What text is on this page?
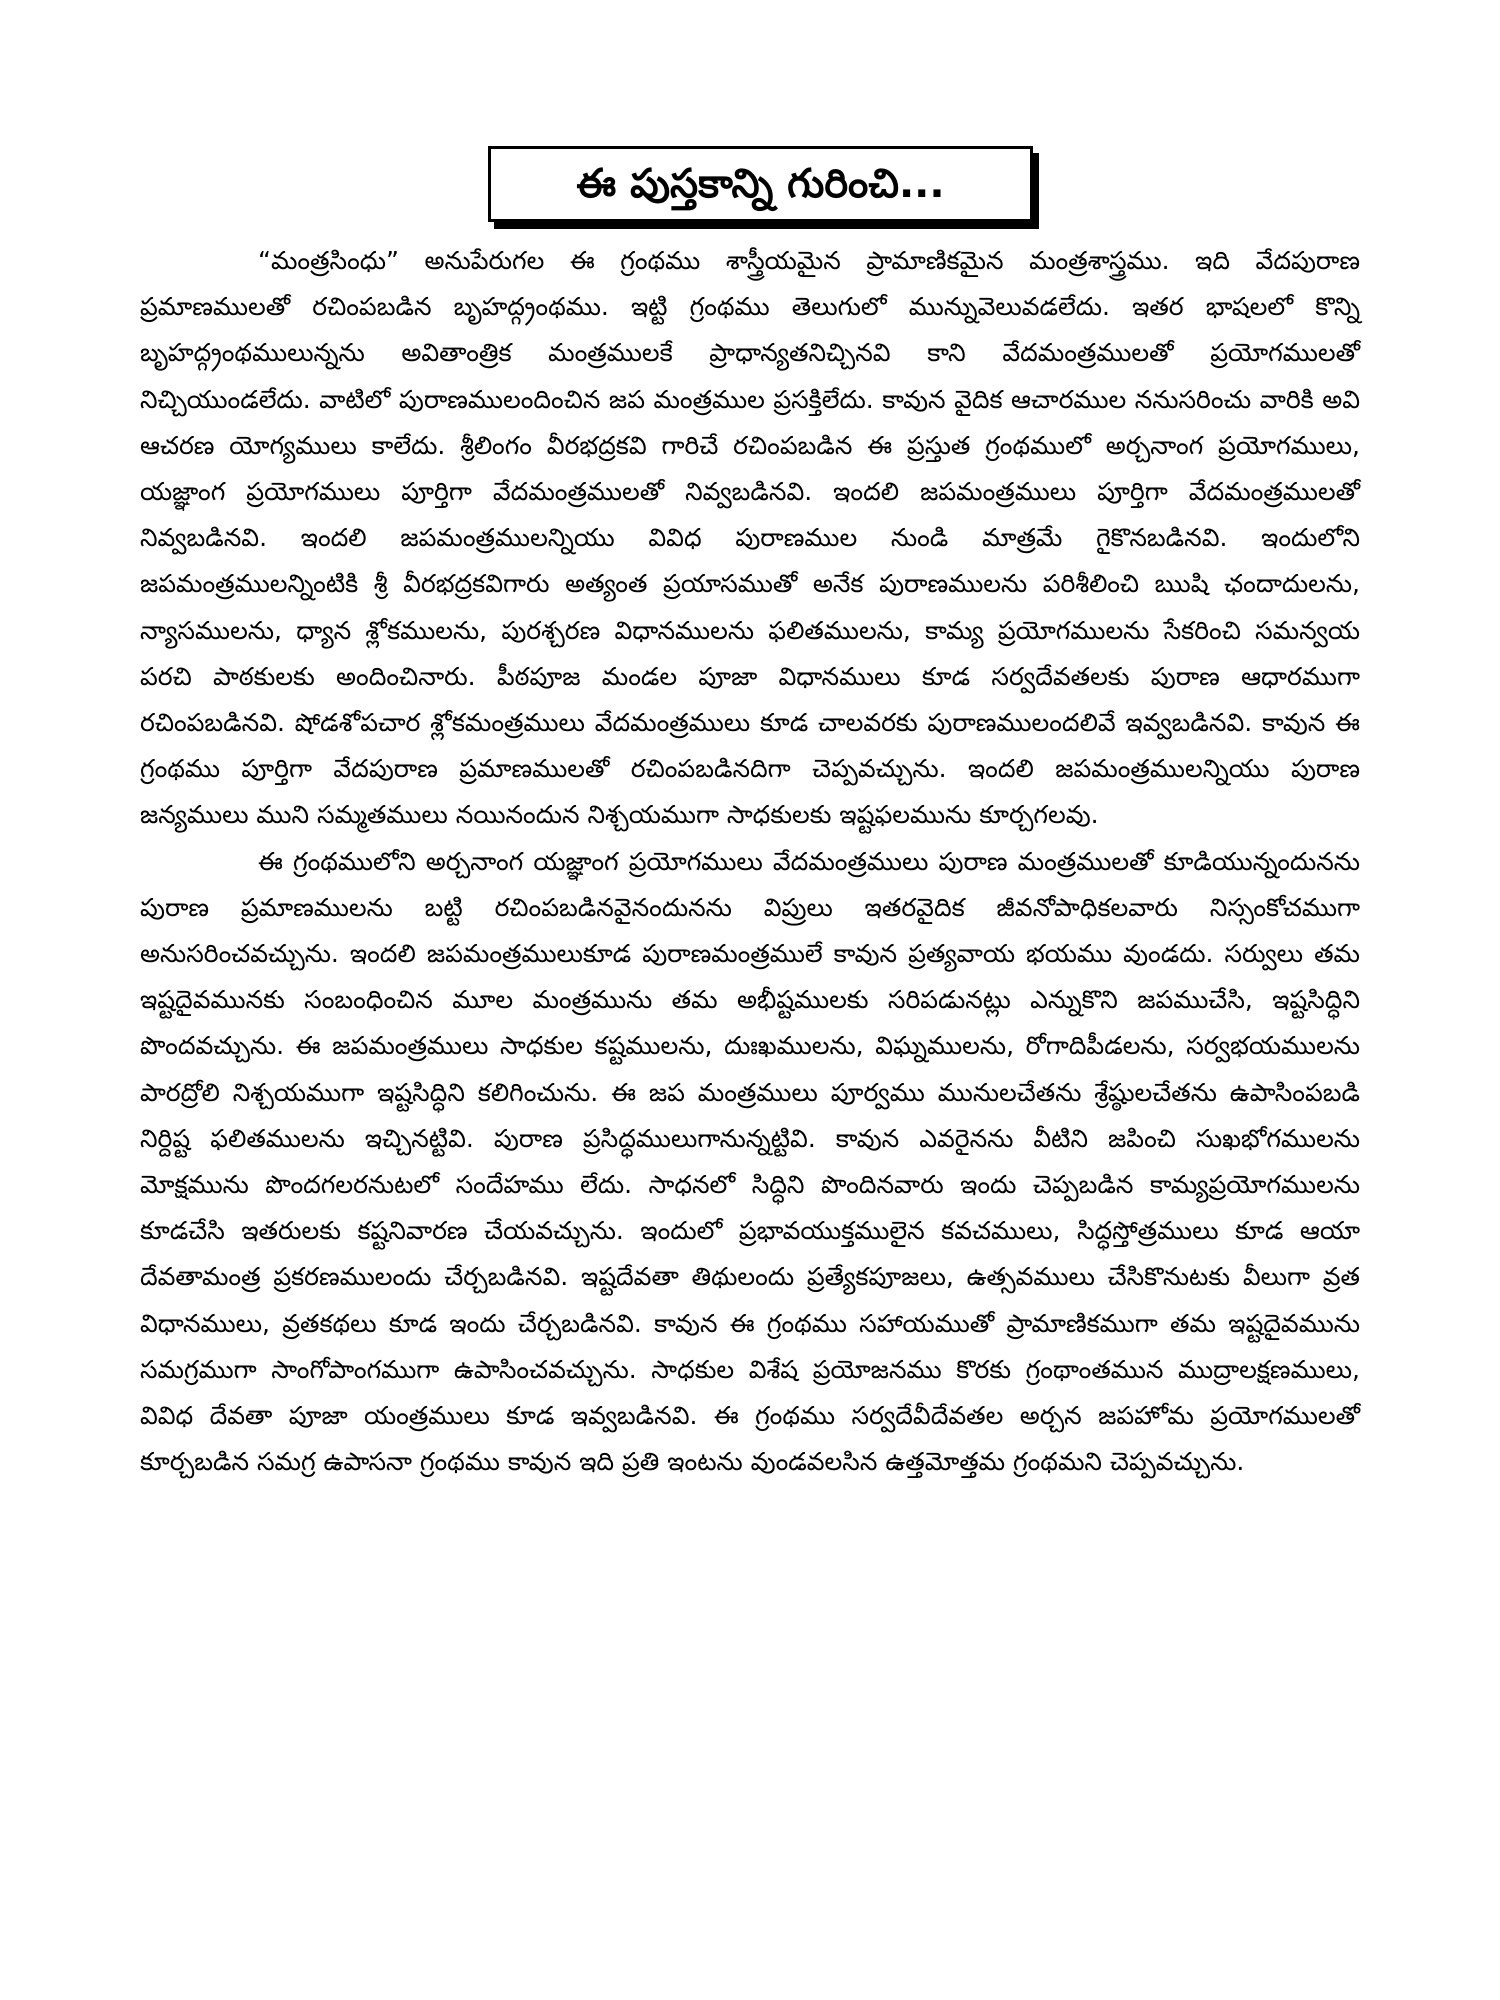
ఈ పుస్తకాన్ని గురించి...

“మంత్రసింధు” అనుపేరుగల ఈ గ్రంథము శాస్త్రీయమైన ప్రామాణికమైన మంత్రశాస్త్రము. ఇది వేదపురాణ ప్రమాణములతో రచింపబడిన బృహద్గ్రంథము. ఇట్టి గ్రంథము తెలుగులో మున్నువెలువడలేదు. ఇతర భాషలలో కొన్ని బృహద్గ్రంథములున్నను అవితాంత్రిక మంత్రములకే ప్రాధాన్యతనిచ్చినవి కాని వేదమంత్రములతో ప్రయోగములతో నిచ్చియుండలేదు. వాటిలో పురాణములందించిన జప మంత్రముల ప్రసక్తిలేదు. కావున వైదిక ఆచారముల ననుసరించు వారికి అవి ఆచరణ యోగ్యములు కాలేదు. శ్రీలింగం వీరభద్రకవి గారిచే రచింపబడిన ఈ ప్రస్తుత గ్రంథములో అర్చనాంగ ప్రయోగములు, యజ్ఞాంగ ప్రయోగములు పూర్తిగా వేదమంత్రములతో నివ్వబడినవి. ఇందలి జపమంత్రములు పూర్తిగా వేదమంత్రములతో నివ్వబడినవి. ఇందలి జపమంత్రములన్నియు వివిధ పురాణముల నుండి మాత్రమే గైకొనబడినవి. ఇందులోని జపమంత్రములన్నింటికి శ్రీ వీరభద్రకవిగారు అత్యంత ప్రయాసముతో అనేక పురాణములను పరిశీలించి ఋషి ఛందాదులను, న్యాసములను, ధ్యాన శ్లోకములను, పురశ్చరణ విధానములను ఫలితములను, కామ్య ప్రయోగములను సేకరించి సమన్వయ పరచి పాఠకులకు అందించినారు. పీఠపూజ మండల పూజా విధానములు కూడ సర్వదేవతలకు పురాణ ఆధారముగా రచింపబడినవి. షోడశోపచార శ్లోకమంత్రములు వేదమంత్రములు కూడ చాలవరకు పురాణములందలివే ఇవ్వబడినవి. కావున ఈ గ్రంథము పూర్తిగా వేదపురాణ ప్రమాణములతో రచింపబడినదిగా చెప్పవచ్చును. ఇందలి జపమంత్రములన్నియు పురాణ జన్యములు ముని సమ్మతములు నయినందున నిశ్చయముగా సాధకులకు ఇష్టఫలమును కూర్చగలవు.

ఈ గ్రంథములోని అర్చనాంగ యజ్ఞాంగ ప్రయోగములు వేదమంత్రములు పురాణ మంత్రములతో కూడియున్నందునను పురాణ ప్రమాణములను బట్టి రచింపబడినవైనందునను విప్రులు ఇతరవైదిక జీవనోపాధికలవారు నిస్సంకోచముగా అనుసరించవచ్చును. ఇందలి జపమంత్రములుకూడ పురాణమంత్రములే కావున ప్రత్యవాయ భయము వుండదు. సర్వులు తమ ఇష్టదైవమునకు సంబంధించిన మూల మంత్రమును తమ అభీష్టములకు సరిపడునట్లు ఎన్నుకొని జపముచేసి, ఇష్టసిద్ధిని పొందవచ్చును. ఈ జపమంత్రములు సాధకుల కష్టములను, దుఃఖములను, విఘ్నములను, రోగాదిపీడలను, సర్వభయములను పారద్రోలి నిశ్చయముగా ఇష్టసిద్ధిని కలిగించును. ఈ జప మంత్రములు పూర్వము మునులచేతను శ్రేష్ఠులచేతను ఉపాసింపబడి నిర్దిష్ట ఫలితములను ఇచ్చినట్టివి. పురాణ ప్రసిద్ధములుగానున్నట్టివి. కావున ఎవరైనను వీటిని జపించి సుఖభోగములను మోక్షమును పొందగలరనుటలో సందేహము లేదు. సాధనలో సిద్ధిని పొందినవారు ఇందు చెప్పబడిన కామ్యప్రయోగములను కూడచేసి ఇతరులకు కష్టనివారణ చేయవచ్చును. ఇందులో ప్రభావయుక్తములైన కవచములు, సిద్ధస్తోత్రములు కూడ ఆయా దేవతామంత్ర ప్రకరణములందు చేర్చబడినవి. ఇష్టదేవతా తిథులందు ప్రత్యేకపూజలు, ఉత్సవములు చేసికొనుటకు వీలుగా వ్రత విధానములు, వ్రతకథలు కూడ ఇందు చేర్చబడినవి. కావున ఈ గ్రంథము సహాయముతో ప్రామాణికముగా తమ ఇష్టదైవమును సమగ్రముగా సాంగోపాంగముగా ఉపాసించవచ్చును. సాధకుల విశేష ప్రయోజనము కొరకు గ్రంథాంతమున ముద్రాలక్షణములు, వివిధ దేవతా పూజా యంత్రములు కూడ ఇవ్వబడినవి. ఈ గ్రంథము సర్వదేవీదేవతల అర్చన జపహోమ ప్రయోగములతో కూర్చబడిన సమగ్ర ఉపాసనా గ్రంథము కావున ఇది ప్రతి ఇంటను వుండవలసిన ఉత్తమోత్తమ గ్రంథమని చెప్పవచ్చును.
